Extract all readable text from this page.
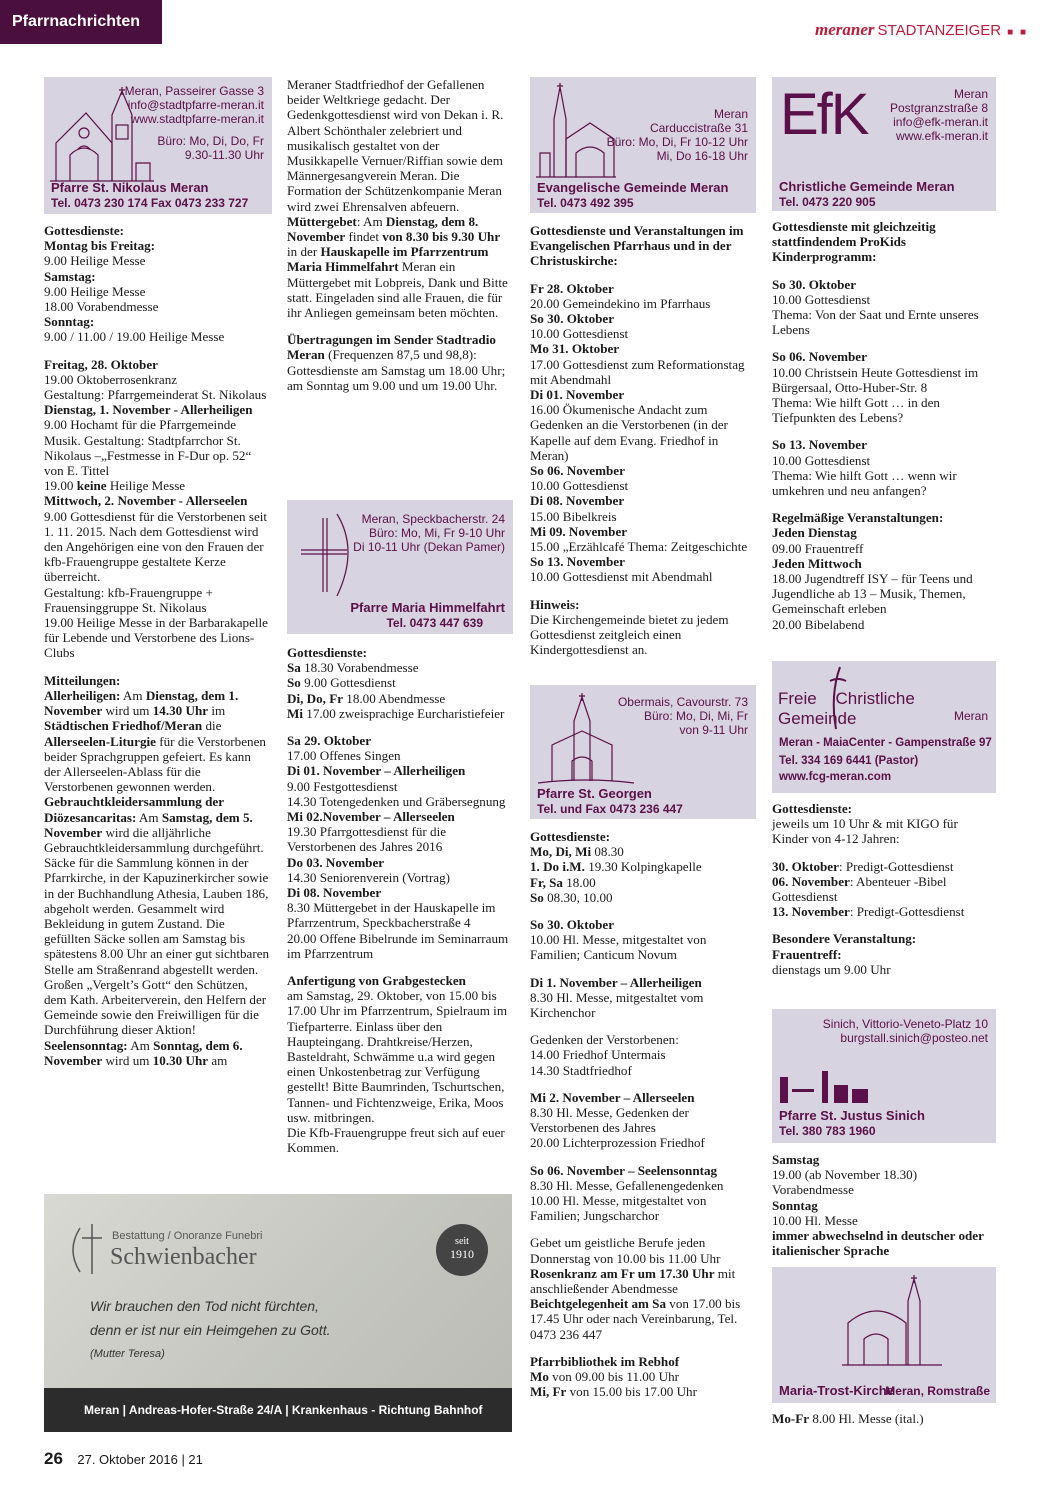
Pfarrnachrichten	meraner STADTANZEIGER ■ ■
Meran, Passeirer Gasse 3
info@stadtpfarre-meran.it
www.stadtpfarre-meran.it
Büro: Mo, Di, Do, Fr
9.30-11.30 Uhr
Pfarre St. Nikolaus Meran
Tel. 0473 230 174 Fax 0473 233 727

Gottesdienste:

Montag bis Freitag:

9.00 Heilige Messe

Samstag:

9.00 Heilige Messe

18.00 Vorabendmesse

Sonntag:

9.00 / 11.00 / 19.00 Heilige Messe

Freitag, 28. Oktober

19.00 Oktoberrosenkranz

Gestaltung: Pfarrgemeinderat St. Nikolaus

Dienstag, 1. November - Allerheiligen

9.00 Hochamt für die Pfarrgemeinde Musik. Gestaltung: Stadtpfarrchor St. Nikolaus –„Festmesse in F-Dur op. 52“ von E. Tittel

19.00 keine Heilige Messe

Mittwoch, 2. November - Allerseelen

9.00 Gottesdienst für die Verstorbenen seit 1. 11. 2015. Nach dem Gottesdienst wird den Angehörigen eine von den Frauen der kfb-Frauengruppe gestaltete Kerze überreicht.

Gestaltung: kfb-Frauengruppe + Frauensinggruppe St. Nikolaus

19.00 Heilige Messe in der Barbarakapelle für Lebende und Verstorbene des Lions-Clubs

Mitteilungen:

Allerheiligen: Am Dienstag, dem 1. November wird um 14.30 Uhr im Städtischen Friedhof/Meran die Allerseelen-Liturgie für die Verstorbenen beider Sprachgruppen gefeiert. Es kann der Allerseelen-Ablass für die Verstorbenen gewonnen werden.

Gebrauchtkleidersammlung der Diözesancaritas: Am Samstag, dem 5. November wird die alljährliche Gebrauchtkleidersammlung durchgeführt. Säcke für die Sammlung können in der Pfarrkirche, in der Kapuzinerkircher sowie in der Buchhandlung Athesia, Lauben 186, abgeholt werden. Gesammelt wird Bekleidung in gutem Zustand. Die gefüllten Säcke sollen am Samstag bis spätestens 8.00 Uhr an einer gut sichtbaren Stelle am Straßenrand abgestellt werden.

Großen „Vergelt’s Gott“ den Schützen, dem Kath. Arbeiterverein, den Helfern der Gemeinde sowie den Freiwilligen für die Durchführung dieser Aktion!

Seelensonntag: Am Sonntag, dem 6. November wird um 10.30 Uhr am

Meraner Stadtfriedhof der Gefallenen beider Weltkriege gedacht. Der Gedenkgottesdienst wird von Dekan i. R. Albert Schönthaler zelebriert und musikalisch gestaltet von der Musikkapelle Vernuer/Riffian sowie dem Männergesangverein Meran. Die Formation der Schützenkompanie Meran wird zwei Ehrensalven abfeuern.

Müttergebet: Am Dienstag, dem 8. November findet von 8.30 bis 9.30 Uhr in der Hauskapelle im Pfarrzentrum Maria Himmelfahrt Meran ein Müttergebet mit Lobpreis, Dank und Bitte statt. Eingeladen sind alle Frauen, die für ihr Anliegen gemeinsam beten möchten.

Übertragungen im Sender Stadtradio Meran (Frequenzen 87,5 und 98,8): Gottesdienste am Samstag um 18.00 Uhr; am Sonntag um 9.00 und um 19.00 Uhr.

Meran, Speckbacherstr. 24
Büro: Mo, Mi, Fr 9-10 Uhr
Di 10-11 Uhr (Dekan Pamer)
Pfarre Maria Himmelfahrt
Tel. 0473 447 639

Gottesdienste:

Sa 18.30 Vorabendmesse

So 9.00 Gottesdienst

Di, Do, Fr 18.00 Abendmesse

Mi 17.00 zweisprachige Eurcharistiefeier

Sa 29. Oktober

17.00 Offenes Singen

Di 01. November – Allerheiligen

9.00 Festgottesdienst

14.30 Totengedenken und Gräbersegnung

Mi 02.November – Allerseelen

19.30 Pfarrgottesdienst für die Verstorbenen des Jahres 2016

Do 03. November

14.30 Seniorenverein (Vortrag)

Di 08. November

8.30 Müttergebet in der Hauskapelle im Pfarrzentrum, Speckbacherstraße 4

20.00 Offene Bibelrunde im Seminarraum im Pfarrzentrum

Anfertigung von Grabgestecken

am Samstag, 29. Oktober, von 15.00 bis 17.00 Uhr im Pfarrzentrum, Spielraum im Tiefparterre. Einlass über den Haupteingang. Drahtkreise/Herzen, Basteldraht, Schwämme u.a wird gegen einen Unkostenbetrag zur Verfügung gestellt! Bitte Baumrinden, Tschurtschen, Tannen- und Fichtenzweige, Erika, Moos usw. mitbringen.

Die Kfb-Frauengruppe freut sich auf euer Kommen.

Bestattung / Onoranze Funebri
Schwienbacher
seit
1910
Wir brauchen den Tod nicht fürchten,
denn er ist nur ein Heimgehen zu Gott.
(Mutter Teresa)
Meran | Andreas-Hofer-Straße 24/A | Krankenhaus - Richtung Bahnhof
Meran
Carduccistraße 31
Büro: Mo, Di, Fr 10-12 Uhr
Mi, Do 16-18 Uhr
Evangelische Gemeinde Meran
Tel. 0473 492 395

Gottesdienste und Veranstaltungen im Evangelischen Pfarrhaus und in der Christuskirche:

Fr 28. Oktober

20.00 Gemeindekino im Pfarrhaus

So 30. Oktober

10.00 Gottesdienst

Mo 31. Oktober

17.00 Gottesdienst zum Reformationstag mit Abendmahl

Di 01. November

16.00 Ökumenische Andacht zum Gedenken an die Verstorbenen (in der Kapelle auf dem Evang. Friedhof in Meran)

So 06. November

10.00 Gottesdienst

Di 08. November

15.00 Bibelkreis

Mi 09. November

15.00 „Erzählcafé Thema: Zeitgeschichte

So 13. November

10.00 Gottesdienst mit Abendmahl

Hinweis:

Die Kirchengemeinde bietet zu jedem Gottesdienst zeitgleich einen Kindergottesdienst an.

Obermais, Cavourstr. 73
Büro: Mo, Di, Mi, Fr
von 9-11 Uhr
Pfarre St. Georgen
Tel. und Fax 0473 236 447

Gottesdienste:

Mo, Di, Mi 08.30

1. Do i.M. 19.30 Kolpingkapelle

Fr, Sa 18.00

So 08.30, 10.00

So 30. Oktober

10.00 Hl. Messe, mitgestaltet von Familien; Canticum Novum

Di 1. November – Allerheiligen

8.30 Hl. Messe, mitgestaltet vom Kirchenchor

Gedenken der Verstorbenen:

14.00 Friedhof Untermais

14.30 Stadtfriedhof

Mi 2. November – Allerseelen

8.30 Hl. Messe, Gedenken der Verstorbenen des Jahres

20.00 Lichterprozession Friedhof

So 06. November – Seelensonntag

8.30 Hl. Messe, Gefallenengedenken

10.00 Hl. Messe, mitgestaltet von Familien; Jungscharchor

Gebet um geistliche Berufe jeden Donnerstag von 10.00 bis 11.00 Uhr

Rosenkranz am Fr um 17.30 Uhr mit anschließender Abendmesse

Beichtgelegenheit am Sa von 17.00 bis 17.45 Uhr oder nach Vereinbarung, Tel. 0473 236 447

Pfarrbibliothek im Rebhof

Mo von 09.00 bis 11.00 Uhr

Mi, Fr von 15.00 bis 17.00 Uhr

EfK	Meran
Postgranzstraße 8
info@efk-meran.it
www.efk-meran.it
Christliche Gemeinde Meran
Tel. 0473 220 905

Gottesdienste mit gleichzeitig stattfindendem ProKids Kinderprogramm:

So 30. Oktober

10.00 Gottesdienst

Thema: Von der Saat und Ernte unseres Lebens

So 06. November

10.00 Christsein Heute Gottesdienst im Bürgersaal, Otto-Huber-Str. 8

Thema: Wie hilft Gott … in den Tiefpunkten des Lebens?

So 13. November

10.00 Gottesdienst

Thema: Wie hilft Gott … wenn wir umkehren und neu anfangen?

Regelmäßige Veranstaltungen:

Jeden Dienstag

09.00 Frauentreff

Jeden Mittwoch

18.00 Jugendtreff ISY – für Teens und Jugendliche ab 13 – Musik, Themen, Gemeinschaft erleben

20.00 Bibelabend

Freie Christliche Gemeinde	Meran
Meran - MaiaCenter - Gampenstraße 97
Tel. 334 169 6441 (Pastor)
www.fcg-meran.com

Gottesdienste:

jeweils um 10 Uhr & mit KIGO für Kinder von 4-12 Jahren:

30. Oktober: Predigt-Gottesdienst

06. November: Abenteuer -Bibel Gottesdienst

13. November: Predigt-Gottesdienst

Besondere Veranstaltung:

Frauentreff:

dienstags um 9.00 Uhr

Sinich, Vittorio-Veneto-Platz 10
burgstall.sinich@posteo.net
Pfarre St. Justus Sinich
Tel. 380 783 1960

Samstag

19.00 (ab November 18.30) Vorabendmesse

Sonntag

10.00 Hl. Messe

immer abwechselnd in deutscher oder italienischer Sprache

Maria-Trost-Kirche
Meran, Romstraße

Mo-Fr 8.00 Hl. Messe (ital.)

26 27. Oktober 2016 | 21
